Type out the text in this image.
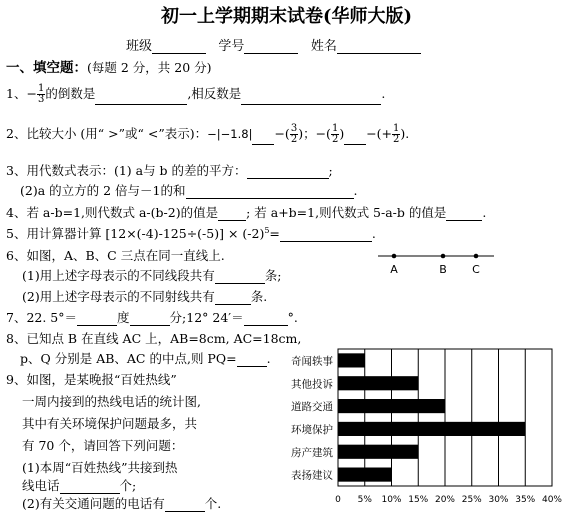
初一上学期期末试卷(华师大版)
班级	学号	姓名
一、填空题：(每题 2 分，共 20 分)
1、− $\frac{1}{3}$ 的倒数是	,相反数是	.
2、比较大小 (用“ >”或“ <”表示)：−|−1.8| −( $\frac{3}{2}$ )；−( $\frac{1}{2}$ ) −(+ $\frac{1}{2}$ ).
3、用代数式表示：(1) a与 b 的差的平方：	;
(2)a 的立方的 2 倍与－1的和	.
4、若 a-b=1,则代数式 a-(b-2)的值是 ; 若 a+b=1,则代数式 5-a-b 的值是	.
5、用计算器计算 $[12\times(-4)-125\div(-5)] \times (-2)^5=$	.
6、如图，A、B、C 三点在同一直线上.
(1)用上述字母表示的不同线段共有	条;
(2)用上述字母表示的不同射线共有	条.
A	B C
7、22. 5°＝	度	分;12° 24′＝	°.
8、已知点 B 在直线 AC 上，AB=8cm, AC=18cm,
p、Q 分别是 AB、AC 的中点,则 PQ= .
9、如图，是某晚报“百姓热线”
一周内接到的热线电话的统计图,
其中有关环境保护问题最多，共
有 70 个，请回答下列问题：
(1)本周“百姓热线”共接到热
线电话	个;
(2)有关交通问题的电话有	个.	0 5% 10% 15% 20% 25% 30% 35% 40%
奇闻轶事
其他投诉
道路交通
环境保护
房产建筑
表扬建议
